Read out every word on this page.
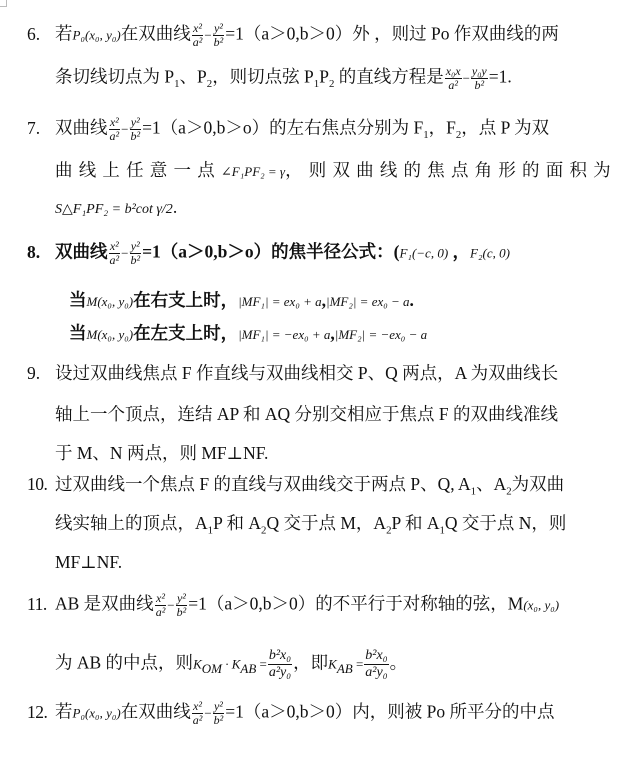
6. 若P₀(x₀, y₀)在双曲线 $\frac{\text{x²}}{\text{a²}} - \frac{\text{y²}}{\text{b²}} =1(a>0,b>0)$外 ，则过 Po 作双曲线的两
条切线切点为 $P_1$、$P_2$，则切点弦 $P_1P_2$ 的直线方程是 $\frac{\text{x₀x}}{\text{a²}} - \frac{\text{y₀y}}{\text{b²}} =1$.
7. 双曲线 $\frac{\text{x²}}{\text{a²}} - \frac{\text{y²}}{\text{b²}} =1(a>0,b>o)$的左右焦点分别为 $F_1$，$F_2$，点 P 为双
曲线上任意一点∠F₁PF₂ = γ，则双曲线的焦点角形的面积为
S△F₁PF₂ = b²cot γ/2.
8. 双曲线 $\frac{\text{x²}}{\text{a²}} - \frac{\text{y²}}{\text{b²}} =1(a>0,b>o)$的焦半径公式：(F₁(−c, 0) ，F₂(c, 0)
当M(x₀, y₀)在右支上时，|MF₁| = ex₀ + a,|MF₂| = ex₀ − a.
当M(x₀, y₀)在左支上时，|MF₁| = −ex₀ + a,|MF₂| = −ex₀ − a
9. 设过双曲线焦点 F 作直线与双曲线相交 P、Q 两点，A 为双曲线长
轴上一个顶点，连结 AP 和 AQ 分别交相应于焦点 F 的双曲线准线
于 M、N 两点，则 MF⊥NF.
10. 过双曲线一个焦点 F 的直线与双曲线交于两点 P、Q, $A_1$、$A_2$为双曲
线实轴上的顶点，$A_1P$ 和 $A_2Q$ 交于点 M，$A_2P$ 和 $A_1Q$ 交于点 N，则
MF⊥NF.
11. AB 是双曲线 $\frac{\text{x²}}{\text{a²}} - \frac{\text{y²}}{\text{b²}} =1(a>0,b>0)$的不平行于对称轴的弦，M(x₀, y₀)
为 AB 的中点，则$K_{OM} \cdot K_{AB} = \frac{\text{b²x₀}}{\text{a²y₀}}$ ，即$K_{AB} = \frac{\text{b²x₀}}{\text{a²y₀}}$ 。
12. 若P₀(x₀, y₀)在双曲线 $\frac{\text{x²}}{\text{a²}} - \frac{\text{y²}}{\text{b²}} =1(a>0,b>0)$内，则被 Po 所平分的中点
